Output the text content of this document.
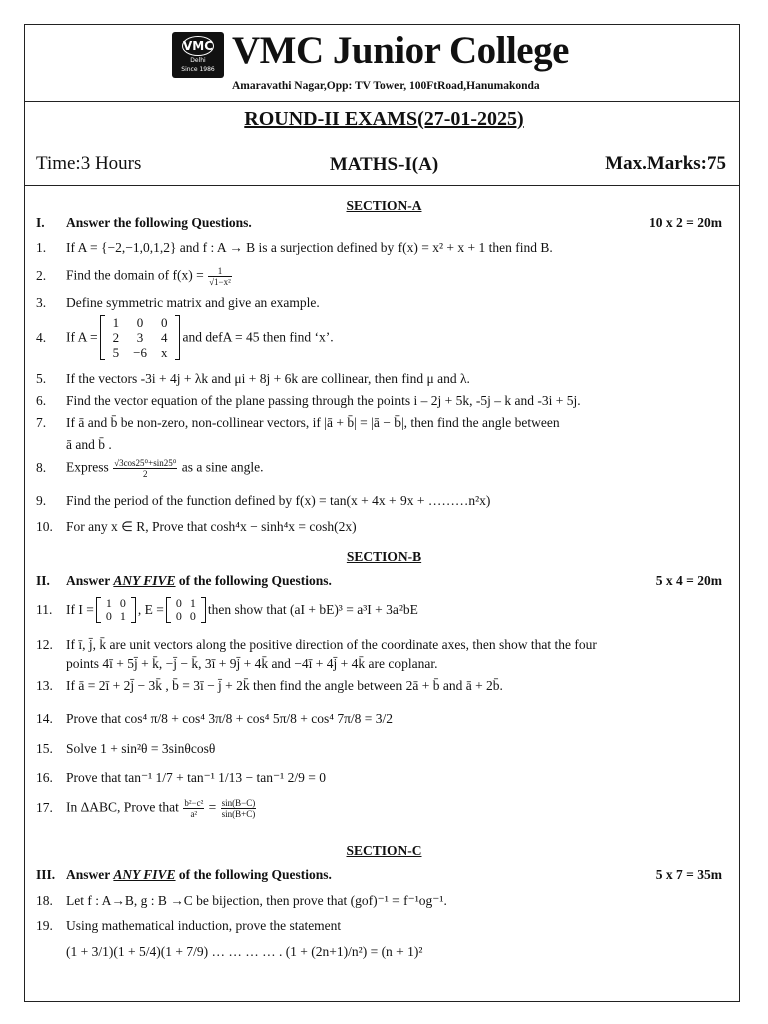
VMC
Delhi
Since 1986 VMC Junior College
Amaravathi Nagar,Opp: TV Tower, 100FtRoad,Hanumakonda
ROUND-II EXAMS(27-01-2025)
Time:3 Hours	MATHS-I(A)	Max.Marks:75
SECTION-A
I. Answer the following Questions.	10 x 2 = 20m
1. If A = {−2,−1,0,1,2} and f : A → B is a surjection defined by f(x) = x² + x + 1 then find B.
2. Find the domain of $f(x) = \frac{1}{\text{√1−x²}}$
3. Define symmetric matrix and give an example.
4. If A =
1	0	0
2	3	4
5	−6	x
and defA = 45 then find ‘x’.
5. If the vectors -3i + 4j + λk and μi + 8j + 6k are collinear, then find μ and λ.
6. Find the vector equation of the plane passing through the points i – 2j + 5k, -5j – k and -3i + 5j.
7. If ā and b̄ be non-zero, non-collinear vectors, if |ā + b̄| = |ā − b̄|, then find the angle between
ā and b̄ .
8. Express $\frac{\text{√3cos25⁰+sin25⁰}}{2}$ as a sine angle.
9. Find the period of the function defined by f(x) = tan(x + 4x + 9x + ………n²x)
10. For any x ∈ R, Prove that cosh⁴x − sinh⁴x = cosh(2x)
SECTION-B
II. Answer ANY FIVE of the following Questions.	5 x 4 = 20m
11. If I = 1	0
0	1 , E = 0	1
0	0 then show that (aI + bE)³ = a³I + 3a²bE
12. If ī, j̄, k̄ are unit vectors along the positive direction of the coordinate axes, then show that the four
points 4ī + 5j̄ + k̄, −j̄ − k̄, 3ī + 9j̄ + 4k̄ and −4ī + 4j̄ + 4k̄ are coplanar.
13. If ā = 2ī + 2j̄ − 3k̄ , b̄ = 3ī − j̄ + 2k̄ then find the angle between 2ā + b̄ and ā + 2b̄.
14. Prove that cos⁴ π/8 + cos⁴ 3π/8 + cos⁴ 5π/8 + cos⁴ 7π/8 = 3/2
15. Solve 1 + sin²θ = 3sinθcosθ
16. Prove that tan⁻¹ 1/7 + tan⁻¹ 1/13 − tan⁻¹ 2/9 = 0
17. In ΔABC, Prove that $\frac{\text{b²−c²}}{\text{a²}} = \frac{\sin(B-C)}{\sin(B+C)}$
SECTION-C
III. Answer ANY FIVE of the following Questions.	5 x 7 = 35m
18. Let f : A→B, g : B →C be bijection, then prove that (gof)⁻¹ = f⁻¹og⁻¹.
19. Using mathematical induction, prove the statement
(1 + 3/1)(1 + 5/4)(1 + 7/9) … … … … . (1 + (2n+1)/n²) = (n + 1)²
